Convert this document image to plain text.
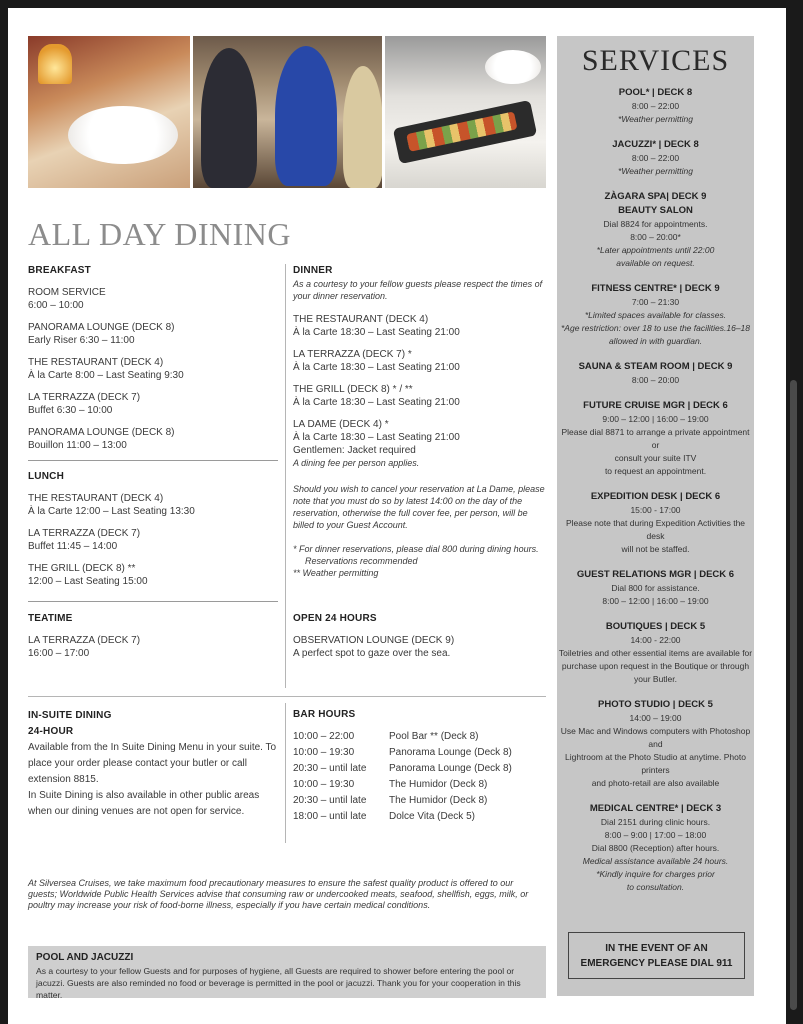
ALL DAY DINING
BREAKFAST
ROOM SERVICE
6:00 – 10:00
PANORAMA LOUNGE (DECK 8)
Early Riser 6:30 – 11:00
THE RESTAURANT (DECK 4)
À la Carte 8:00 – Last Seating 9:30
LA TERRAZZA (DECK 7)
Buffet 6:30 – 10:00
PANORAMA LOUNGE (DECK 8)
Bouillon 11:00 – 13:00
LUNCH
THE RESTAURANT (DECK 4)
À la Carte 12:00 – Last Seating 13:30
LA TERRAZZA (DECK 7)
Buffet 11:45 – 14:00
THE GRILL (DECK 8) **
12:00 – Last Seating 15:00
TEATIME
LA TERRAZZA (DECK 7)
16:00 – 17:00
DINNER
As a courtesy to your fellow guests please respect the times of your dinner reservation.
THE RESTAURANT (DECK 4)
À la Carte 18:30 – Last Seating 21:00
LA TERRAZZA (DECK 7) *
À la Carte 18:30 – Last Seating 21:00
THE GRILL (DECK 8) * / **
À la Carte 18:30 – Last Seating 21:00
LA DAME (DECK 4) *
À la Carte 18:30 – Last Seating 21:00
Gentlemen: Jacket required
A dining fee per person applies.
Should you wish to cancel your reservation at La Dame, please note that you must do so by latest 14:00 on the day of the reservation, otherwise the full cover fee, per person, will be billed to your Guest Account.
* For dinner reservations, please dial 800 during dining hours.
Reservations recommended
** Weather permitting
OPEN 24 HOURS
OBSERVATION LOUNGE (DECK 9)
A perfect spot to gaze over the sea.
IN-SUITE DINING
24-HOUR
Available from the In Suite Dining Menu in your suite. To place your order please contact your butler or call extension 8815.
In Suite Dining is also available in other public areas when our dining venues are not open for service.
BAR HOURS
10:00 – 22:00	Pool Bar ** (Deck 8)
10:00 – 19:30	Panorama Lounge (Deck 8)
20:30 – until late	Panorama Lounge (Deck 8)
10:00 – 19:30	The Humidor (Deck 8)
20:30 – until late	The Humidor (Deck 8)
18:00 – until late	Dolce Vita (Deck 5)
At Silversea Cruises, we take maximum food precautionary measures to ensure the safest quality product is offered to our guests; Worldwide Public Health Services advise that consuming raw or undercooked meats, seafood, shellfish, eggs, milk, or poultry may increase your risk of food-borne illness, especially if you have certain medical conditions.
POOL AND JACUZZI
As a courtesy to your fellow Guests and for purposes of hygiene, all Guests are required to shower before entering the pool or jacuzzi. Guests are also reminded no food or beverage is permitted in the pool or jacuzzi. Thank you for your cooperation in this matter.
SERVICES
POOL* | DECK 8
8:00 – 22:00
*Weather permitting
JACUZZI* | DECK 8
8:00 – 22:00
*Weather permitting
ZÀGARA SPA| DECK 9
BEAUTY SALON
Dial 8824 for appointments.
8:00 – 20:00*
*Later appointments until 22:00
available on request.
FITNESS CENTRE* | DECK 9
7:00 – 21:30
*Limited spaces available for classes.
*Age restriction: over 18 to use the facilities.16–18
allowed in with guardian.
SAUNA & STEAM ROOM | DECK 9
8:00 – 20:00
FUTURE CRUISE MGR | DECK 6
9:00 – 12:00 | 16:00 – 19:00
Please dial 8871 to arrange a private appointment or
consult your suite ITV
to request an appointment.
EXPEDITION DESK | DECK 6
15:00 - 17:00
Please note that during Expedition Activities the desk
will not be staffed.
GUEST RELATIONS MGR | DECK 6
Dial 800 for assistance.
8:00 – 12:00 | 16:00 – 19:00
BOUTIQUES | DECK 5
14:00 - 22:00
Toiletries and other essential items are available for
purchase upon request in the Boutique or through
your Butler.
PHOTO STUDIO | DECK 5
14:00 – 19:00
Use Mac and Windows computers with Photoshop and
Lightroom at the Photo Studio at anytime. Photo printers
and photo-retail are also available
MEDICAL CENTRE* | DECK 3
Dial 2151 during clinic hours.
8:00 – 9:00 | 17:00 – 18:00
Dial 8800 (Reception) after hours.
Medical assistance available 24 hours.
*Kindly inquire for charges prior
to consultation.
IN THE EVENT OF AN
EMERGENCY PLEASE DIAL 911
